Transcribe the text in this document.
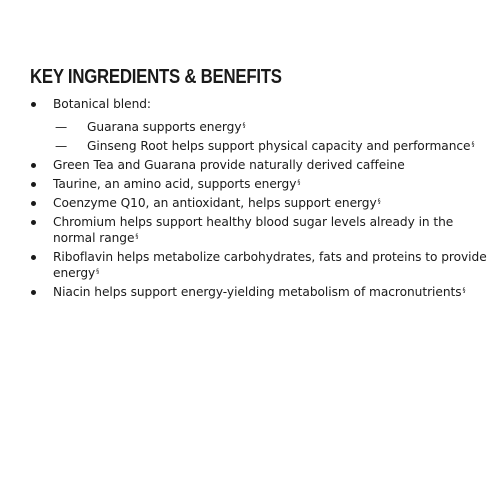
KEY INGREDIENTS & BENEFITS
Botanical blend:
— Guarana supports energy§
— Ginseng Root helps support physical capacity and performance§
Green Tea and Guarana provide naturally derived caffeine
Taurine, an amino acid, supports energy§
Coenzyme Q10, an antioxidant, helps support energy§
Chromium helps support healthy blood sugar levels already in the normal range§
Riboflavin helps metabolize carbohydrates, fats and proteins to provide energy§
Niacin helps support energy-yielding metabolism of macronutrients§
